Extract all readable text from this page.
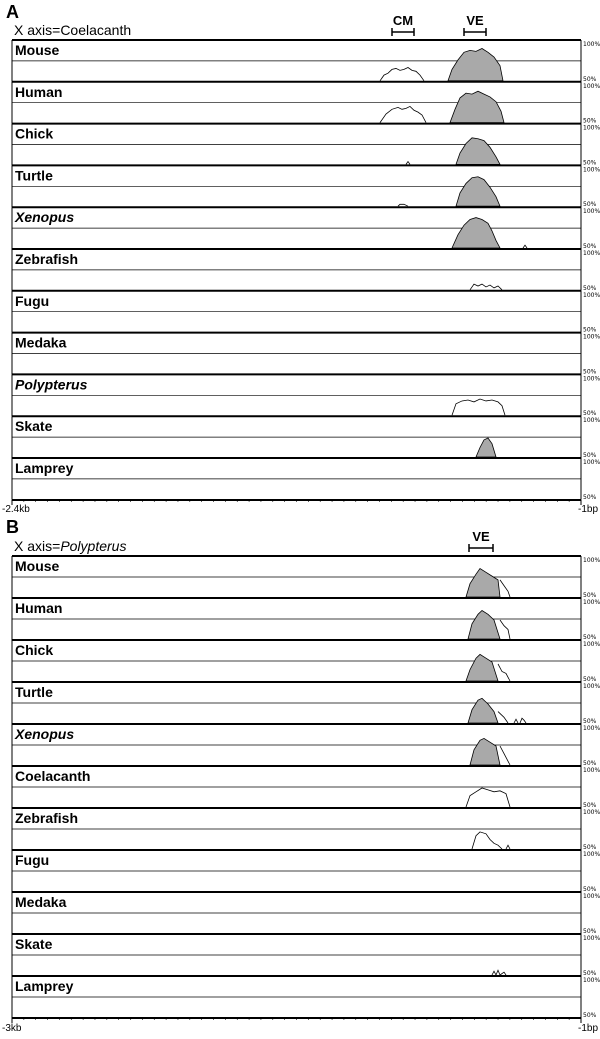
A
X axis=Coelacanth
CM	VE
Mouse	100%
50%
Human	100%
50%
Chick	100%
50%
Turtle	100%
50%
Xenopus	100%
50%
Zebrafish	100%
50%
Fugu	100%
50%
Medaka	100%
50%
Polypterus	100%
50%
Skate	100%
50%
Lamprey	100%
50%
-2.4kb	-1bp
B
X axis=Polypterus
VE
Mouse	100%
50%
Human	100%
50%
Chick	100%
50%
Turtle	100%
50%
Xenopus	100%
50%
Coelacanth	100%
50%
Zebrafish	100%
50%
Fugu	100%
50%
Medaka	100%
50%
Skate	100%
50%
Lamprey	100%
50%
-3kb	-1bp
